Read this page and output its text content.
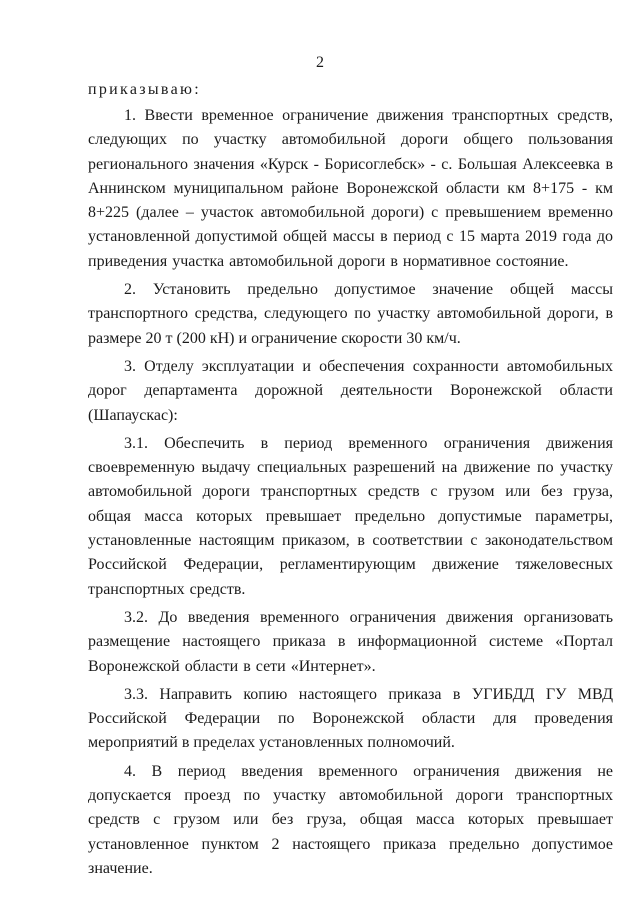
2
приказываю:

1. Ввести временное ограничение движения транспортных средств, следующих по участку автомобильной дороги общего пользования регионального значения «Курск - Борисоглебск» - с. Большая Алексеевка в Аннинском муниципальном районе Воронежской области км 8+175 - км 8+225 (далее – участок автомобильной дороги) с превышением временно установленной допустимой общей массы в период с 15 марта 2019 года до приведения участка автомобильной дороги в нормативное состояние.

2. Установить предельно допустимое значение общей массы транспортного средства, следующего по участку автомобильной дороги, в размере 20 т (200 кН) и ограничение скорости 30 км/ч.

3. Отделу эксплуатации и обеспечения сохранности автомобильных дорог департамента дорожной деятельности Воронежской области (Шапаускас):

3.1. Обеспечить в период временного ограничения движения своевременную выдачу специальных разрешений на движение по участку автомобильной дороги транспортных средств с грузом или без груза, общая масса которых превышает предельно допустимые параметры, установленные настоящим приказом, в соответствии с законодательством Российской Федерации, регламентирующим движение тяжеловесных транспортных средств.

3.2. До введения временного ограничения движения организовать размещение настоящего приказа в информационной системе «Портал Воронежской области в сети «Интернет».

3.3. Направить копию настоящего приказа в УГИБДД ГУ МВД Российской Федерации по Воронежской области для проведения мероприятий в пределах установленных полномочий.

4. В период введения временного ограничения движения не допускается проезд по участку автомобильной дороги транспортных средств с грузом или без груза, общая масса которых превышает установленное пунктом 2 настоящего приказа предельно допустимое значение.
